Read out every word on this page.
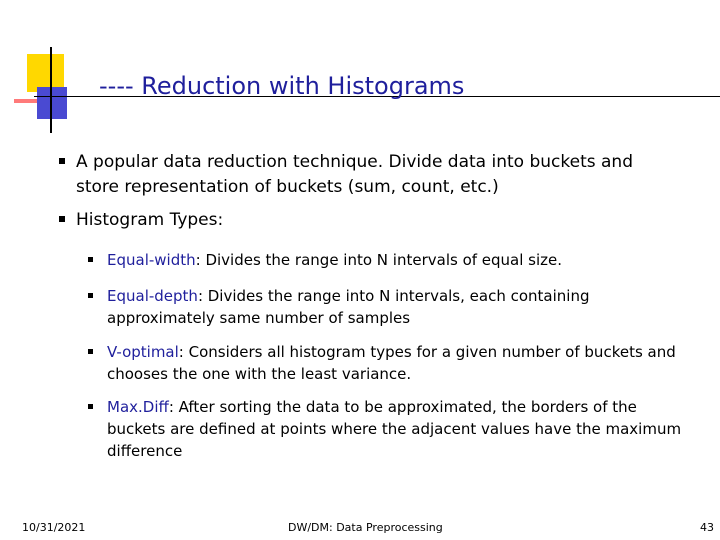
---- Reduction with Histograms
A popular data reduction technique. Divide data into buckets and store representation of buckets (sum, count, etc.)
Histogram Types:
Equal-width: Divides the range into N intervals of equal size.
Equal-depth: Divides the range into N intervals, each containing approximately same number of samples
V-optimal: Considers all histogram types for a given number of buckets and chooses the one with the least variance.
Max.Diff: After sorting the data to be approximated, the borders of the buckets are defined at points where the adjacent values have the maximum difference
10/31/2021	DW/DM: Data Preprocessing	43
